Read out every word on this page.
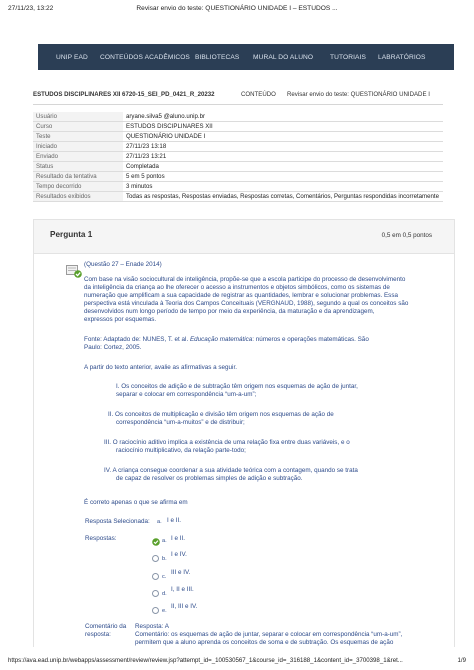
27/11/23, 13:22	Revisar envio do teste: QUESTIONÁRIO UNIDADE I – ESTUDOS ...
UNIP EAD CONTEÚDOS ACADÊMICOS BIBLIOTECAS MURAL DO ALUNO	TUTORIAIS LABRATÓRIOS
ESTUDOS DISCIPLINARES XII 6720-15_SEI_PD_0421_R_20232	CONTEÚDO Revisar envio do teste: QUESTIONÁRIO UNIDADE I
Usuário	aryane.silva5 @aluno.unip.br
Curso	ESTUDOS DISCIPLINARES XII
Teste	QUESTIONÁRIO UNIDADE I
Iniciado	27/11/23 13:18
Enviado	27/11/23 13:21
Status	Completada
Resultado da tentativa	5 em 5 pontos
Tempo decorrido	3 minutos
Resultados exibidos	Todas as respostas, Respostas enviadas, Respostas corretas, Comentários, Perguntas respondidas incorretamente
Pergunta 1	0,5 em 0,5 pontos
(Questão 27 – Enade 2014)
Com base na visão sociocultural de inteligência, propõe-se que a escola participe do processo de desenvolvimento
da inteligência da criança ao lhe oferecer o acesso a instrumentos e objetos simbólicos, como os sistemas de
numeração que amplificam a sua capacidade de registrar as quantidades, lembrar e solucionar problemas. Essa
perspectiva está vinculada à Teoria dos Campos Conceituais (VERGNAUD, 1988), segundo a qual os conceitos são
desenvolvidos num longo período de tempo por meio da experiência, da maturação e da aprendizagem,
expressos por esquemas.
Fonte: Adaptado de: NUNES, T. et al. Educação matemática: números e operações matemáticas. São
Paulo: Cortez, 2005.
A partir do texto anterior, avalie as afirmativas a seguir.
I. Os conceitos de adição e de subtração têm origem nos esquemas de ação de juntar,
separar e colocar em correspondência “um-a-um”;
II. Os conceitos de multiplicação e divisão têm origem nos esquemas de ação de
correspondência “um-a-muitos” e de distribuir;
III. O raciocínio aditivo implica a existência de uma relação fixa entre duas variáveis, e o
raciocínio multiplicativo, da relação parte-todo;
IV. A criança consegue coordenar a sua atividade teórica com a contagem, quando se trata
de capaz de resolver os problemas simples de adição e subtração.
É correto apenas o que se afirma em
Resposta Selecionada: a. I e II.
Respostas:	a. I e II.
b.
I e IV.
c.
III e IV.
d.
I, II e III.
e.
II, III e IV.
Comentário da
resposta:
Resposta: A
Comentário: os esquemas de ação de juntar, separar e colocar em correspondência “um-a-um”,
permitem que a aluno aprenda os conceitos de soma e de subtração. Os esquemas de ação
https://ava.ead.unip.br/webapps/assessment/review/review.jsp?attempt_id=_100530567_1&course_id=_316188_1&content_id=_3700398_1&ret...	1/9
